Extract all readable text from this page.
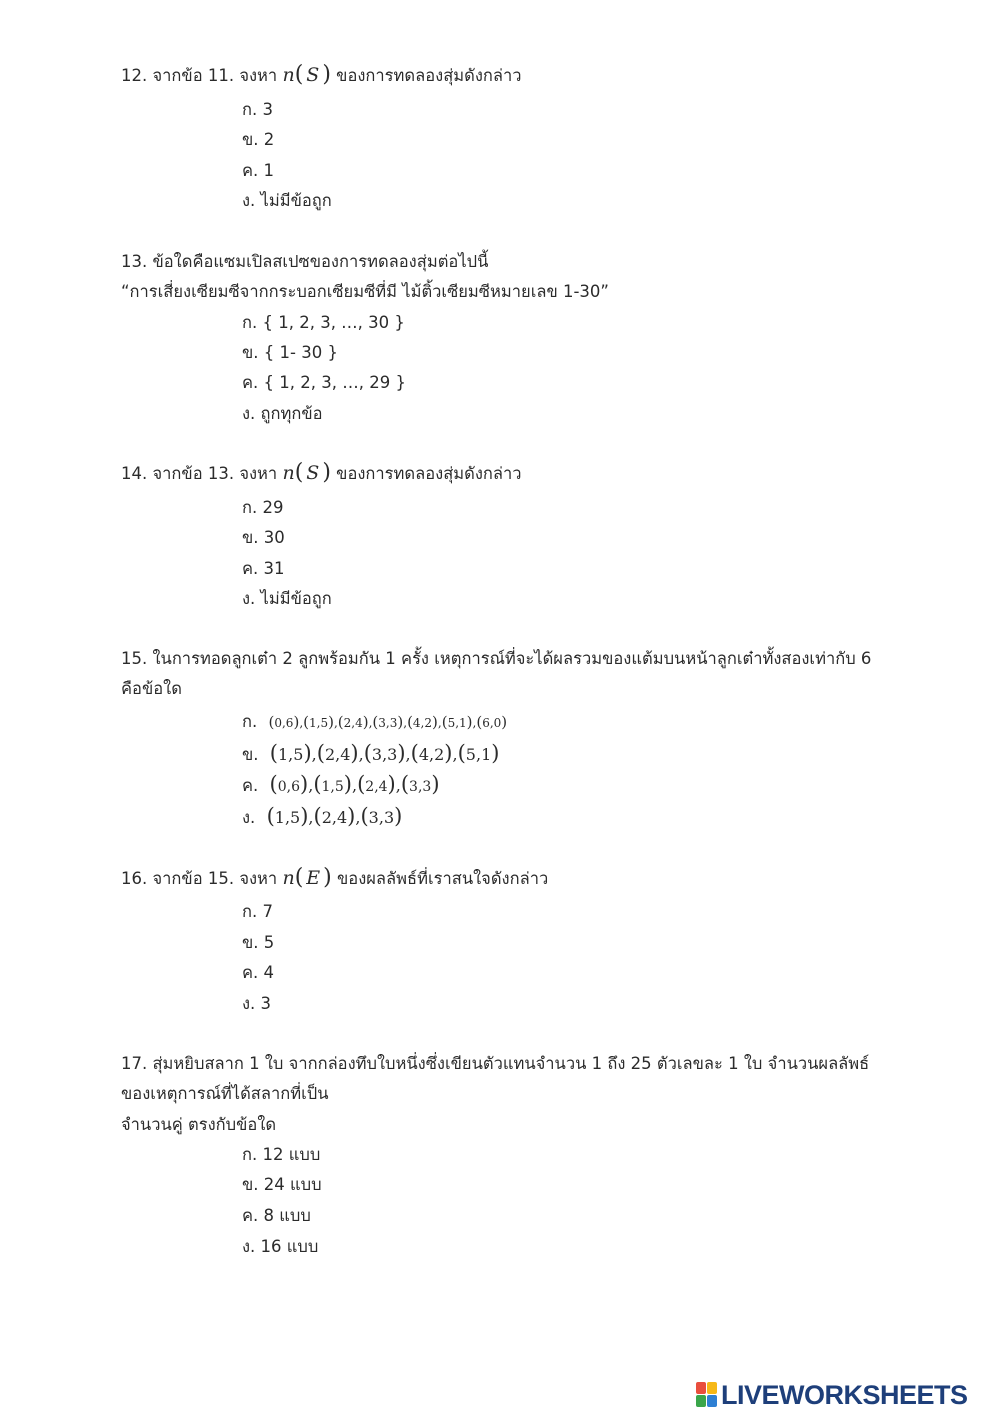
12. จากข้อ 11. จงหา n( S ) ของการทดลองสุ่มดังกล่าว
ก. 3
ข. 2
ค. 1
ง. ไม่มีข้อถูก
13. ข้อใดคือแซมเปิลสเปซของการทดลองสุ่มต่อไปนี้
“การเสี่ยงเซียมซีจากกระบอกเซียมซีที่มี ไม้ติ้วเซียมซีหมายเลข 1-30”
ก. { 1, 2, 3, …, 30 }
ข. { 1- 30 }
ค. { 1, 2, 3, …, 29 }
ง. ถูกทุกข้อ
14. จากข้อ 13. จงหา n( S ) ของการทดลองสุ่มดังกล่าว
ก. 29
ข. 30
ค. 31
ง. ไม่มีข้อถูก
15. ในการทอดลูกเต๋า 2 ลูกพร้อมกัน 1 ครั้ง เหตุการณ์ที่จะได้ผลรวมของแต้มบนหน้าลูกเต๋าทั้งสองเท่ากับ 6
คือข้อใด
ก. (0,6),(1,5),(2,4),(3,3),(4,2),(5,1),(6,0)
ข. (1,5),(2,4),(3,3),(4,2),(5,1)
ค. (0,6),(1,5),(2,4),(3,3)
ง. (1,5),(2,4),(3,3)
16. จากข้อ 15. จงหา n( E ) ของผลลัพธ์ที่เราสนใจดังกล่าว
ก. 7
ข. 5
ค. 4
ง. 3
17. สุ่มหยิบสลาก 1 ใบ จากกล่องทึบใบหนึ่งซึ่งเขียนตัวแทนจำนวน 1 ถึง 25 ตัวเลขละ 1 ใบ จำนวนผลลัพธ์
ของเหตุการณ์ที่ได้สลากที่เป็น
จำนวนคู่ ตรงกับข้อใด
ก. 12 แบบ
ข. 24 แบบ
ค. 8 แบบ
ง. 16 แบบ
LIVEWORKSHEETS
